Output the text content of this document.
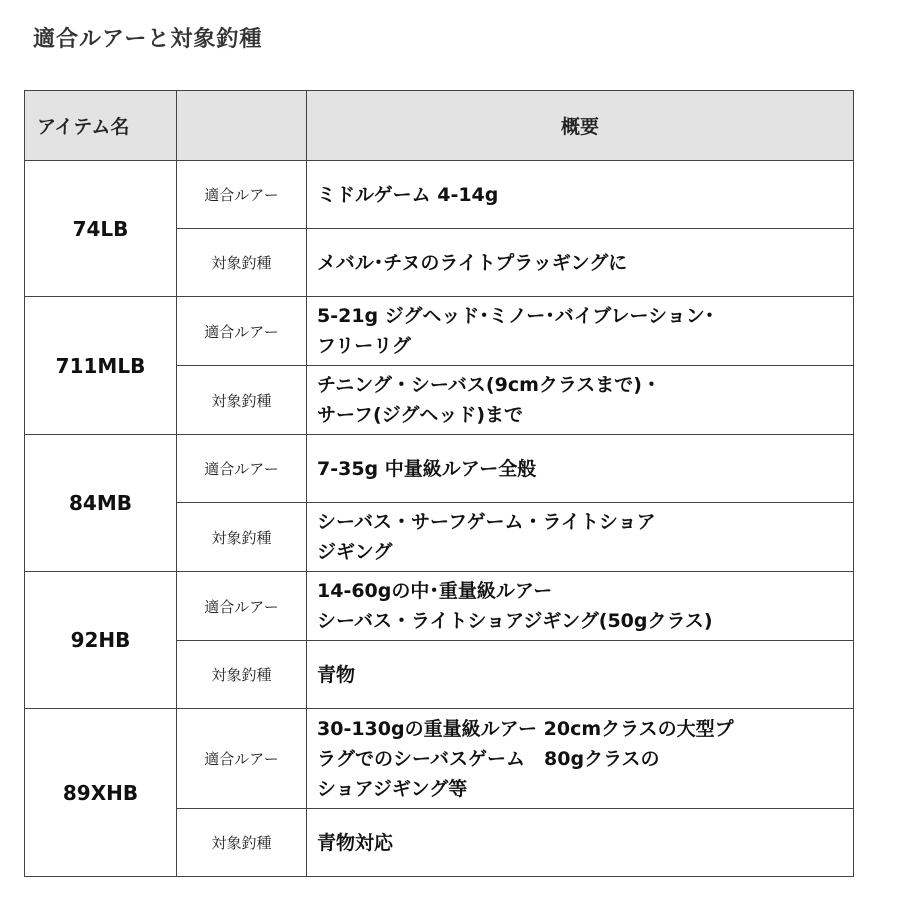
適合ルアーと対象釣種
アイテム名		概要
74LB	適合ルアー	ミドルゲーム 4-14g
	対象釣種	メバル･チヌのライトプラッギングに
711MLB	適合ルアー	5-21g ジグヘッド･ミノー･バイブレーション･
フリーリグ
	対象釣種	チニング・シーバス(9cmクラスまで)・
サーフ(ジグヘッド)まで
84MB	適合ルアー	7-35g 中量級ルアー全般
	対象釣種	シーバス・サーフゲーム・ライトショア
ジギング
92HB	適合ルアー	14-60gの中･重量級ルアー
シーバス・ライトショアジギング(50gクラス)
	対象釣種	青物
89XHB	適合ルアー	30-130gの重量級ルアー 20cmクラスの大型プ
ラグでのシーバスゲーム　80gクラスの
ショアジギング等
	対象釣種	青物対応
